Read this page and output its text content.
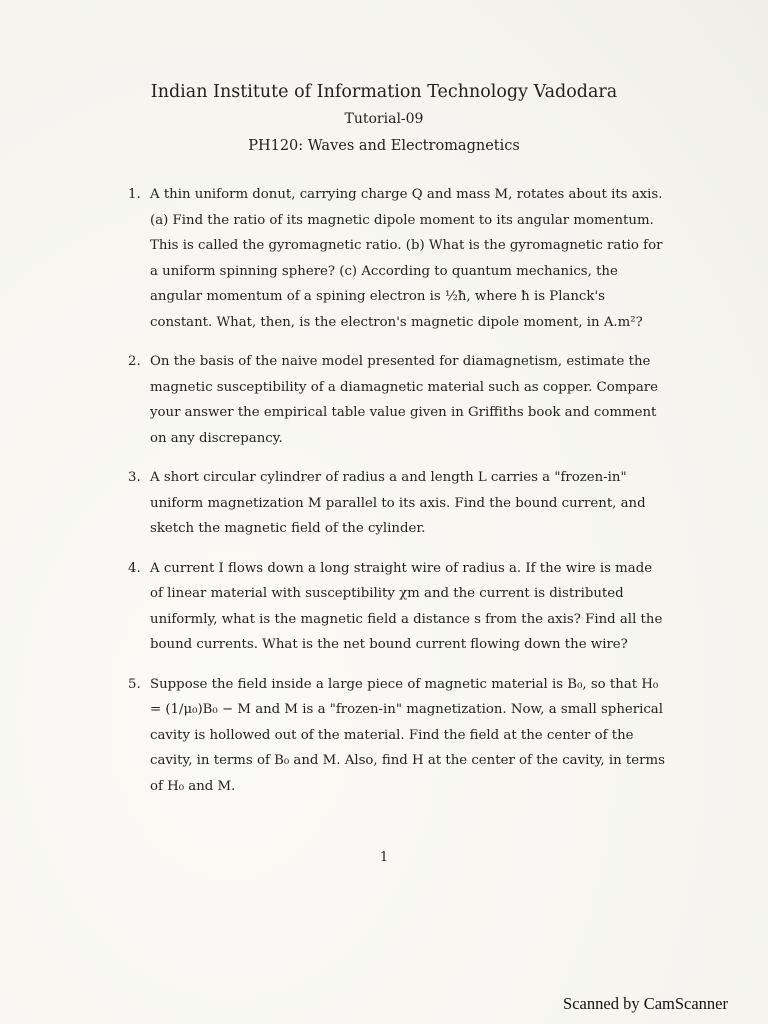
Indian Institute of Information Technology Vadodara
Tutorial-09
PH120: Waves and Electromagnetics
1. A thin uniform donut, carrying charge Q and mass M, rotates about its axis. (a) Find the ratio of its magnetic dipole moment to its angular momentum. This is called the gyromagnetic ratio. (b) What is the gyromagnetic ratio for a uniform spinning sphere? (c) According to quantum mechanics, the angular momentum of a spining electron is ½ħ, where ħ is Planck's constant. What, then, is the electron's magnetic dipole moment, in A.m²?
2. On the basis of the naive model presented for diamagnetism, estimate the magnetic susceptibility of a diamagnetic material such as copper. Compare your answer the empirical table value given in Griffiths book and comment on any discrepancy.
3. A short circular cylindrer of radius a and length L carries a "frozen-in" uniform magnetization M parallel to its axis. Find the bound current, and sketch the magnetic field of the cylinder.
4. A current I flows down a long straight wire of radius a. If the wire is made of linear material with susceptibility χm and the current is distributed uniformly, what is the magnetic field a distance s from the axis? Find all the bound currents. What is the net bound current flowing down the wire?
5. Suppose the field inside a large piece of magnetic material is B₀, so that H₀ = (1/μ₀)B₀ − M and M is a "frozen-in" magnetization. Now, a small spherical cavity is hollowed out of the material. Find the field at the center of the cavity, in terms of B₀ and M. Also, find H at the center of the cavity, in terms of H₀ and M.
1
Scanned by CamScanner
